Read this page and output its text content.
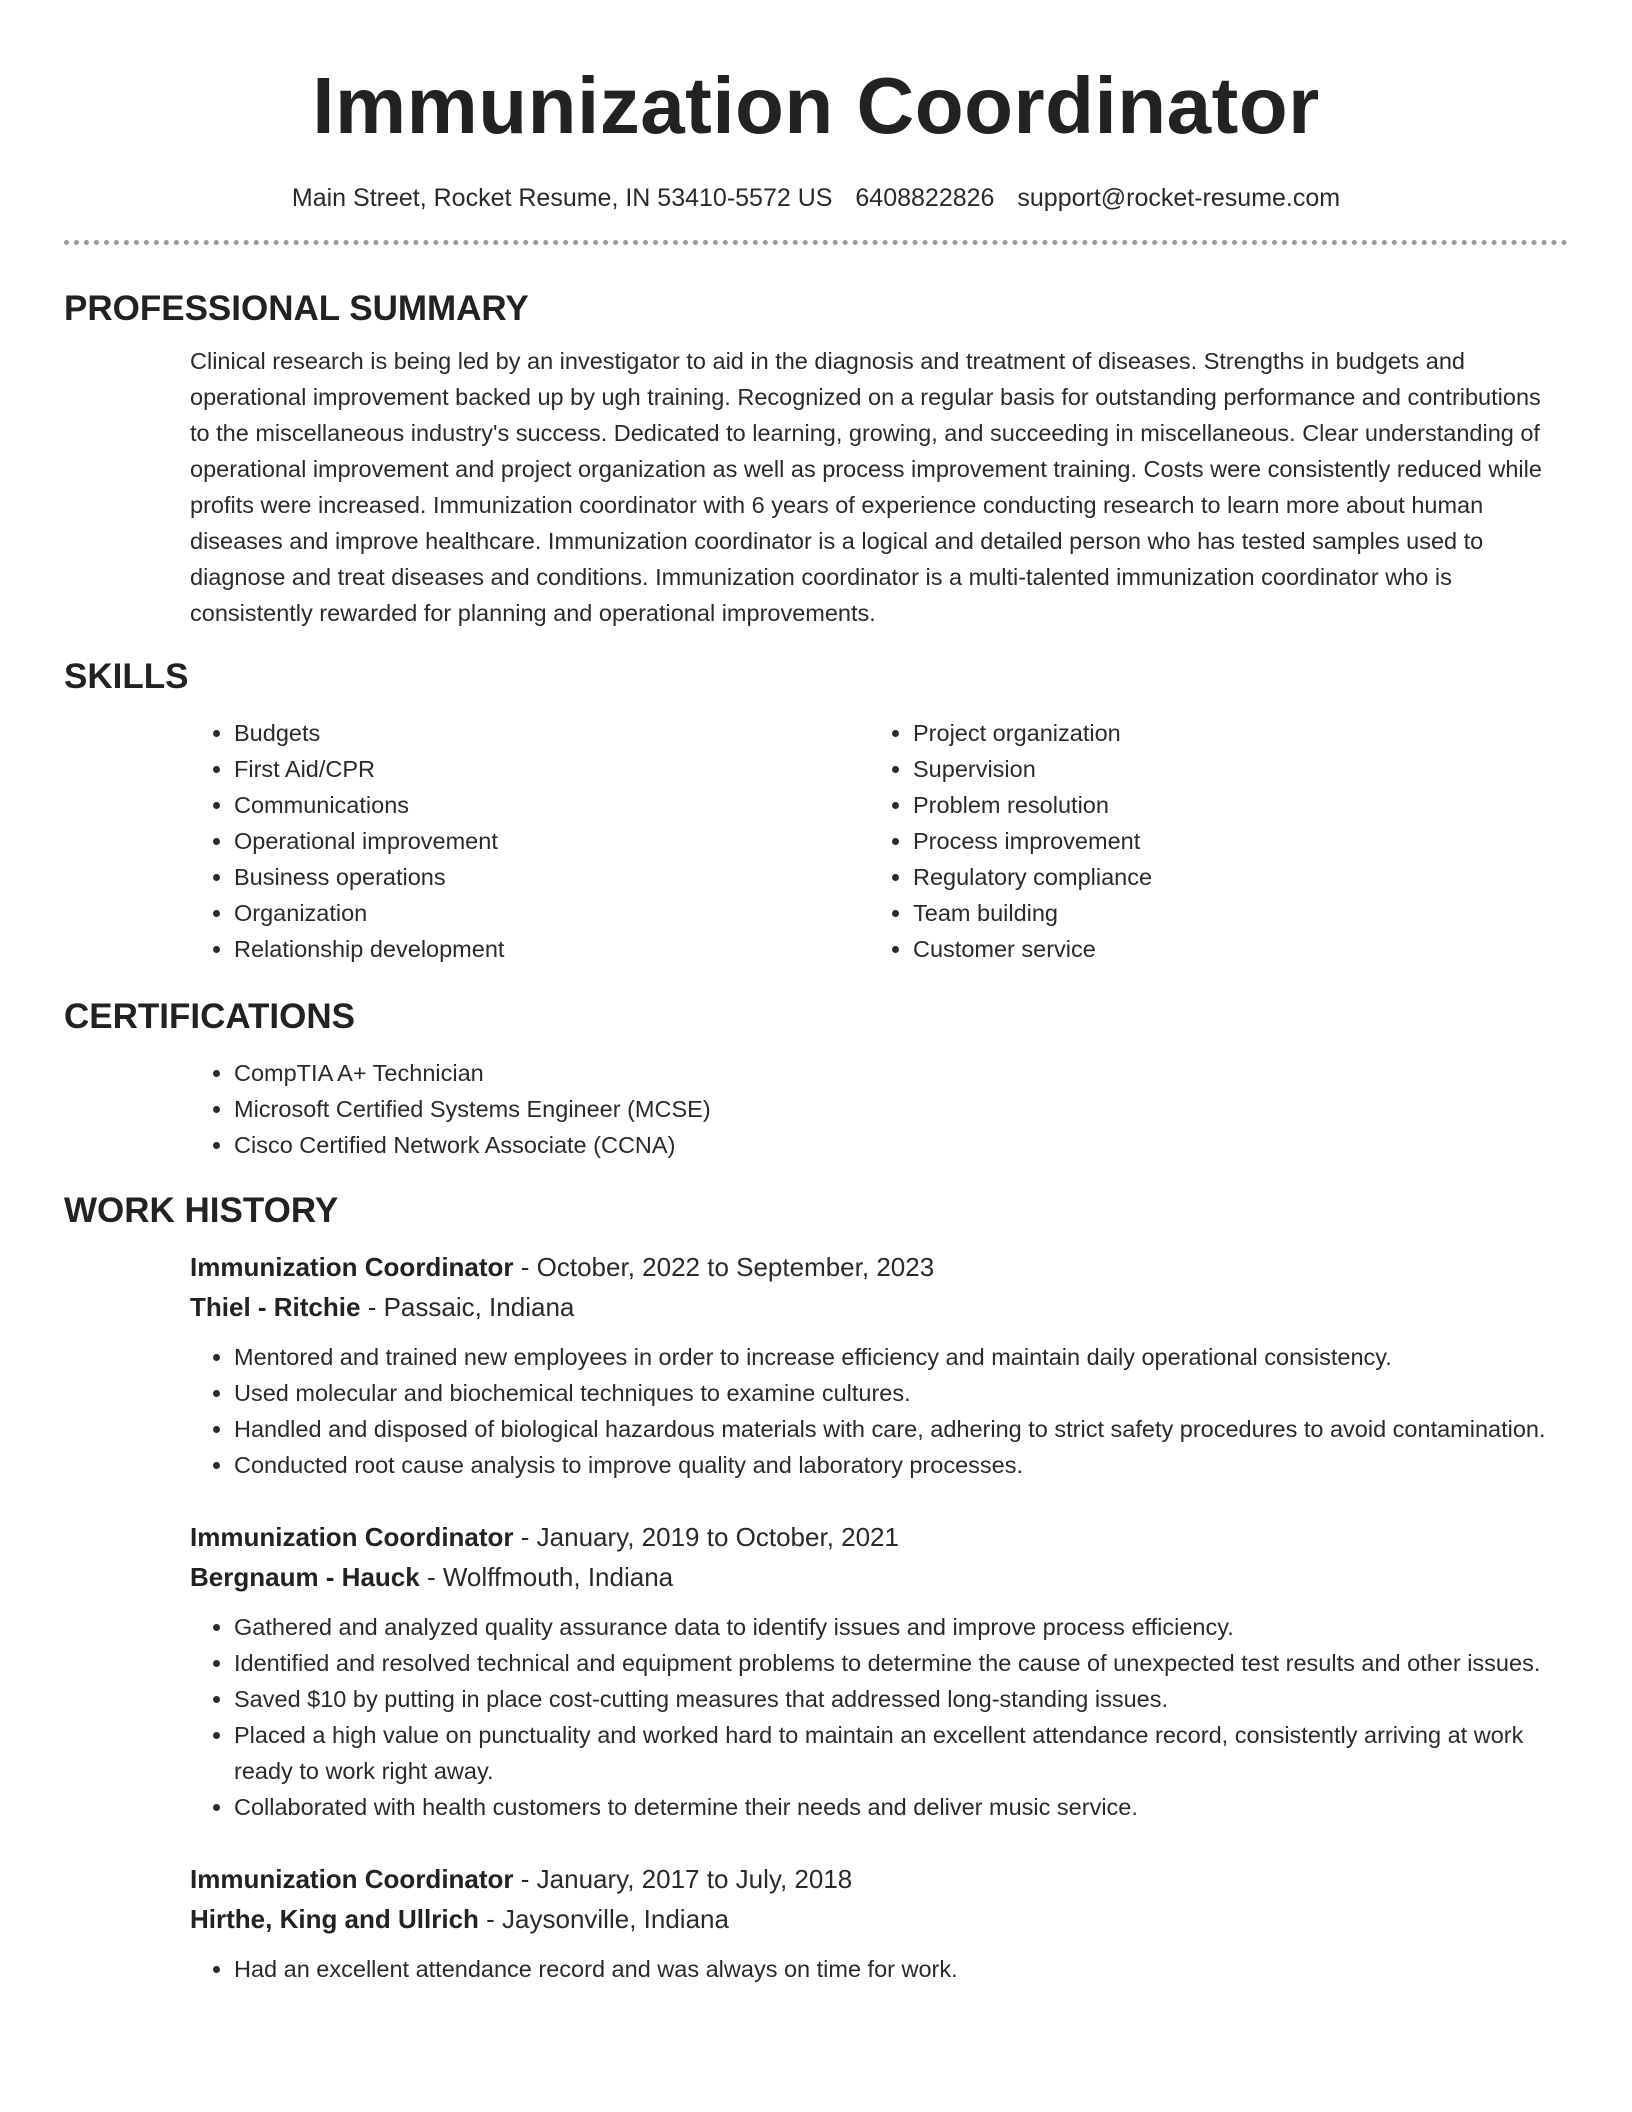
Immunization Coordinator
Main Street, Rocket Resume, IN 53410-5572 US 6408822826 support@rocket-resume.com
PROFESSIONAL SUMMARY

Clinical research is being led by an investigator to aid in the diagnosis and treatment of diseases. Strengths in budgets and operational improvement backed up by ugh training. Recognized on a regular basis for outstanding performance and contributions to the miscellaneous industry's success. Dedicated to learning, growing, and succeeding in miscellaneous. Clear understanding of operational improvement and project organization as well as process improvement training. Costs were consistently reduced while profits were increased. Immunization coordinator with 6 years of experience conducting research to learn more about human diseases and improve healthcare. Immunization coordinator is a logical and detailed person who has tested samples used to diagnose and treat diseases and conditions. Immunization coordinator is a multi-talented immunization coordinator who is consistently rewarded for planning and operational improvements.

SKILLS
• Budgets
• First Aid/CPR
• Communications
• Operational improvement
• Business operations
• Organization
• Relationship development
• Project organization
• Supervision
• Problem resolution
• Process improvement
• Regulatory compliance
• Team building
• Customer service
CERTIFICATIONS
• CompTIA A+ Technician
• Microsoft Certified Systems Engineer (MCSE)
• Cisco Certified Network Associate (CCNA)
WORK HISTORY
Immunization Coordinator - October, 2022 to September, 2023
Thiel - Ritchie - Passaic, Indiana
• Mentored and trained new employees in order to increase efficiency and maintain daily operational consistency.
• Used molecular and biochemical techniques to examine cultures.
• Handled and disposed of biological hazardous materials with care, adhering to strict safety procedures to avoid contamination.
• Conducted root cause analysis to improve quality and laboratory processes.
Immunization Coordinator - January, 2019 to October, 2021
Bergnaum - Hauck - Wolffmouth, Indiana
• Gathered and analyzed quality assurance data to identify issues and improve process efficiency.
• Identified and resolved technical and equipment problems to determine the cause of unexpected test results and other issues.
• Saved $10 by putting in place cost-cutting measures that addressed long-standing issues.
• Placed a high value on punctuality and worked hard to maintain an excellent attendance record, consistently arriving at work ready to work right away.
• Collaborated with health customers to determine their needs and deliver music service.
Immunization Coordinator - January, 2017 to July, 2018
Hirthe, King and Ullrich - Jaysonville, Indiana
• Had an excellent attendance record and was always on time for work.
